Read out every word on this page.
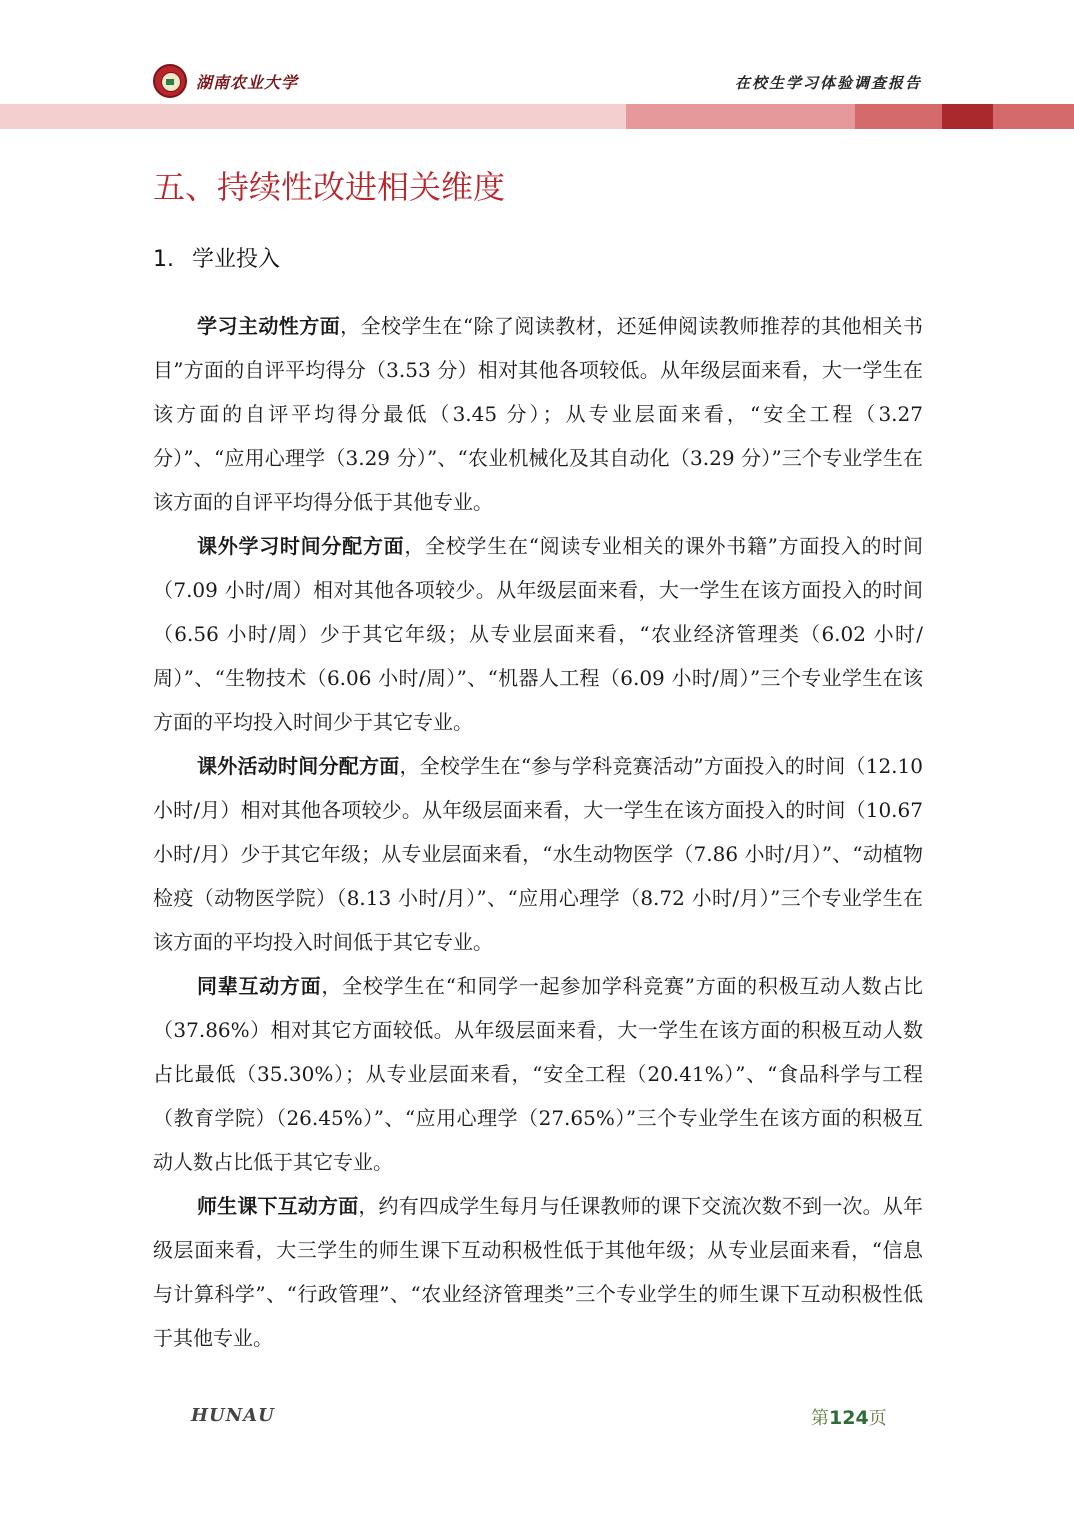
湖南农业大学	在校生学习体验调查报告
五、持续性改进相关维度
1. 学业投入

学习主动性方面，全校学生在“除了阅读教材，还延伸阅读教师推荐的其他相关书目”方面的自评平均得分（3.53 分）相对其他各项较低。从年级层面来看，大一学生在该方面的自评平均得分最低（3.45 分）；从专业层面来看，“安全工程（3.27 分）”、“应用心理学（3.29 分）”、“农业机械化及其自动化（3.29 分）”三个专业学生在该方面的自评平均得分低于其他专业。

课外学习时间分配方面，全校学生在“阅读专业相关的课外书籍”方面投入的时间（7.09 小时/周）相对其他各项较少。从年级层面来看，大一学生在该方面投入的时间（6.56 小时/周）少于其它年级；从专业层面来看，“农业经济管理类（6.02 小时/周）”、“生物技术（6.06 小时/周）”、“机器人工程（6.09 小时/周）”三个专业学生在该方面的平均投入时间少于其它专业。

课外活动时间分配方面，全校学生在“参与学科竞赛活动”方面投入的时间（12.10 小时/月）相对其他各项较少。从年级层面来看，大一学生在该方面投入的时间（10.67 小时/月）少于其它年级；从专业层面来看，“水生动物医学（7.86 小时/月）”、“动植物检疫（动物医学院）（8.13 小时/月）”、“应用心理学（8.72 小时/月）”三个专业学生在该方面的平均投入时间低于其它专业。

同辈互动方面，全校学生在“和同学一起参加学科竞赛”方面的积极互动人数占比（37.86%）相对其它方面较低。从年级层面来看，大一学生在该方面的积极互动人数占比最低（35.30%）；从专业层面来看，“安全工程（20.41%）”、“食品科学与工程（教育学院）（26.45%）”、“应用心理学（27.65%）”三个专业学生在该方面的积极互动人数占比低于其它专业。

师生课下互动方面，约有四成学生每月与任课教师的课下交流次数不到一次。从年级层面来看，大三学生的师生课下互动积极性低于其他年级；从专业层面来看，“信息与计算科学”、“行政管理”、“农业经济管理类”三个专业学生的师生课下互动积极性低于其他专业。

HUNAU	第124页
